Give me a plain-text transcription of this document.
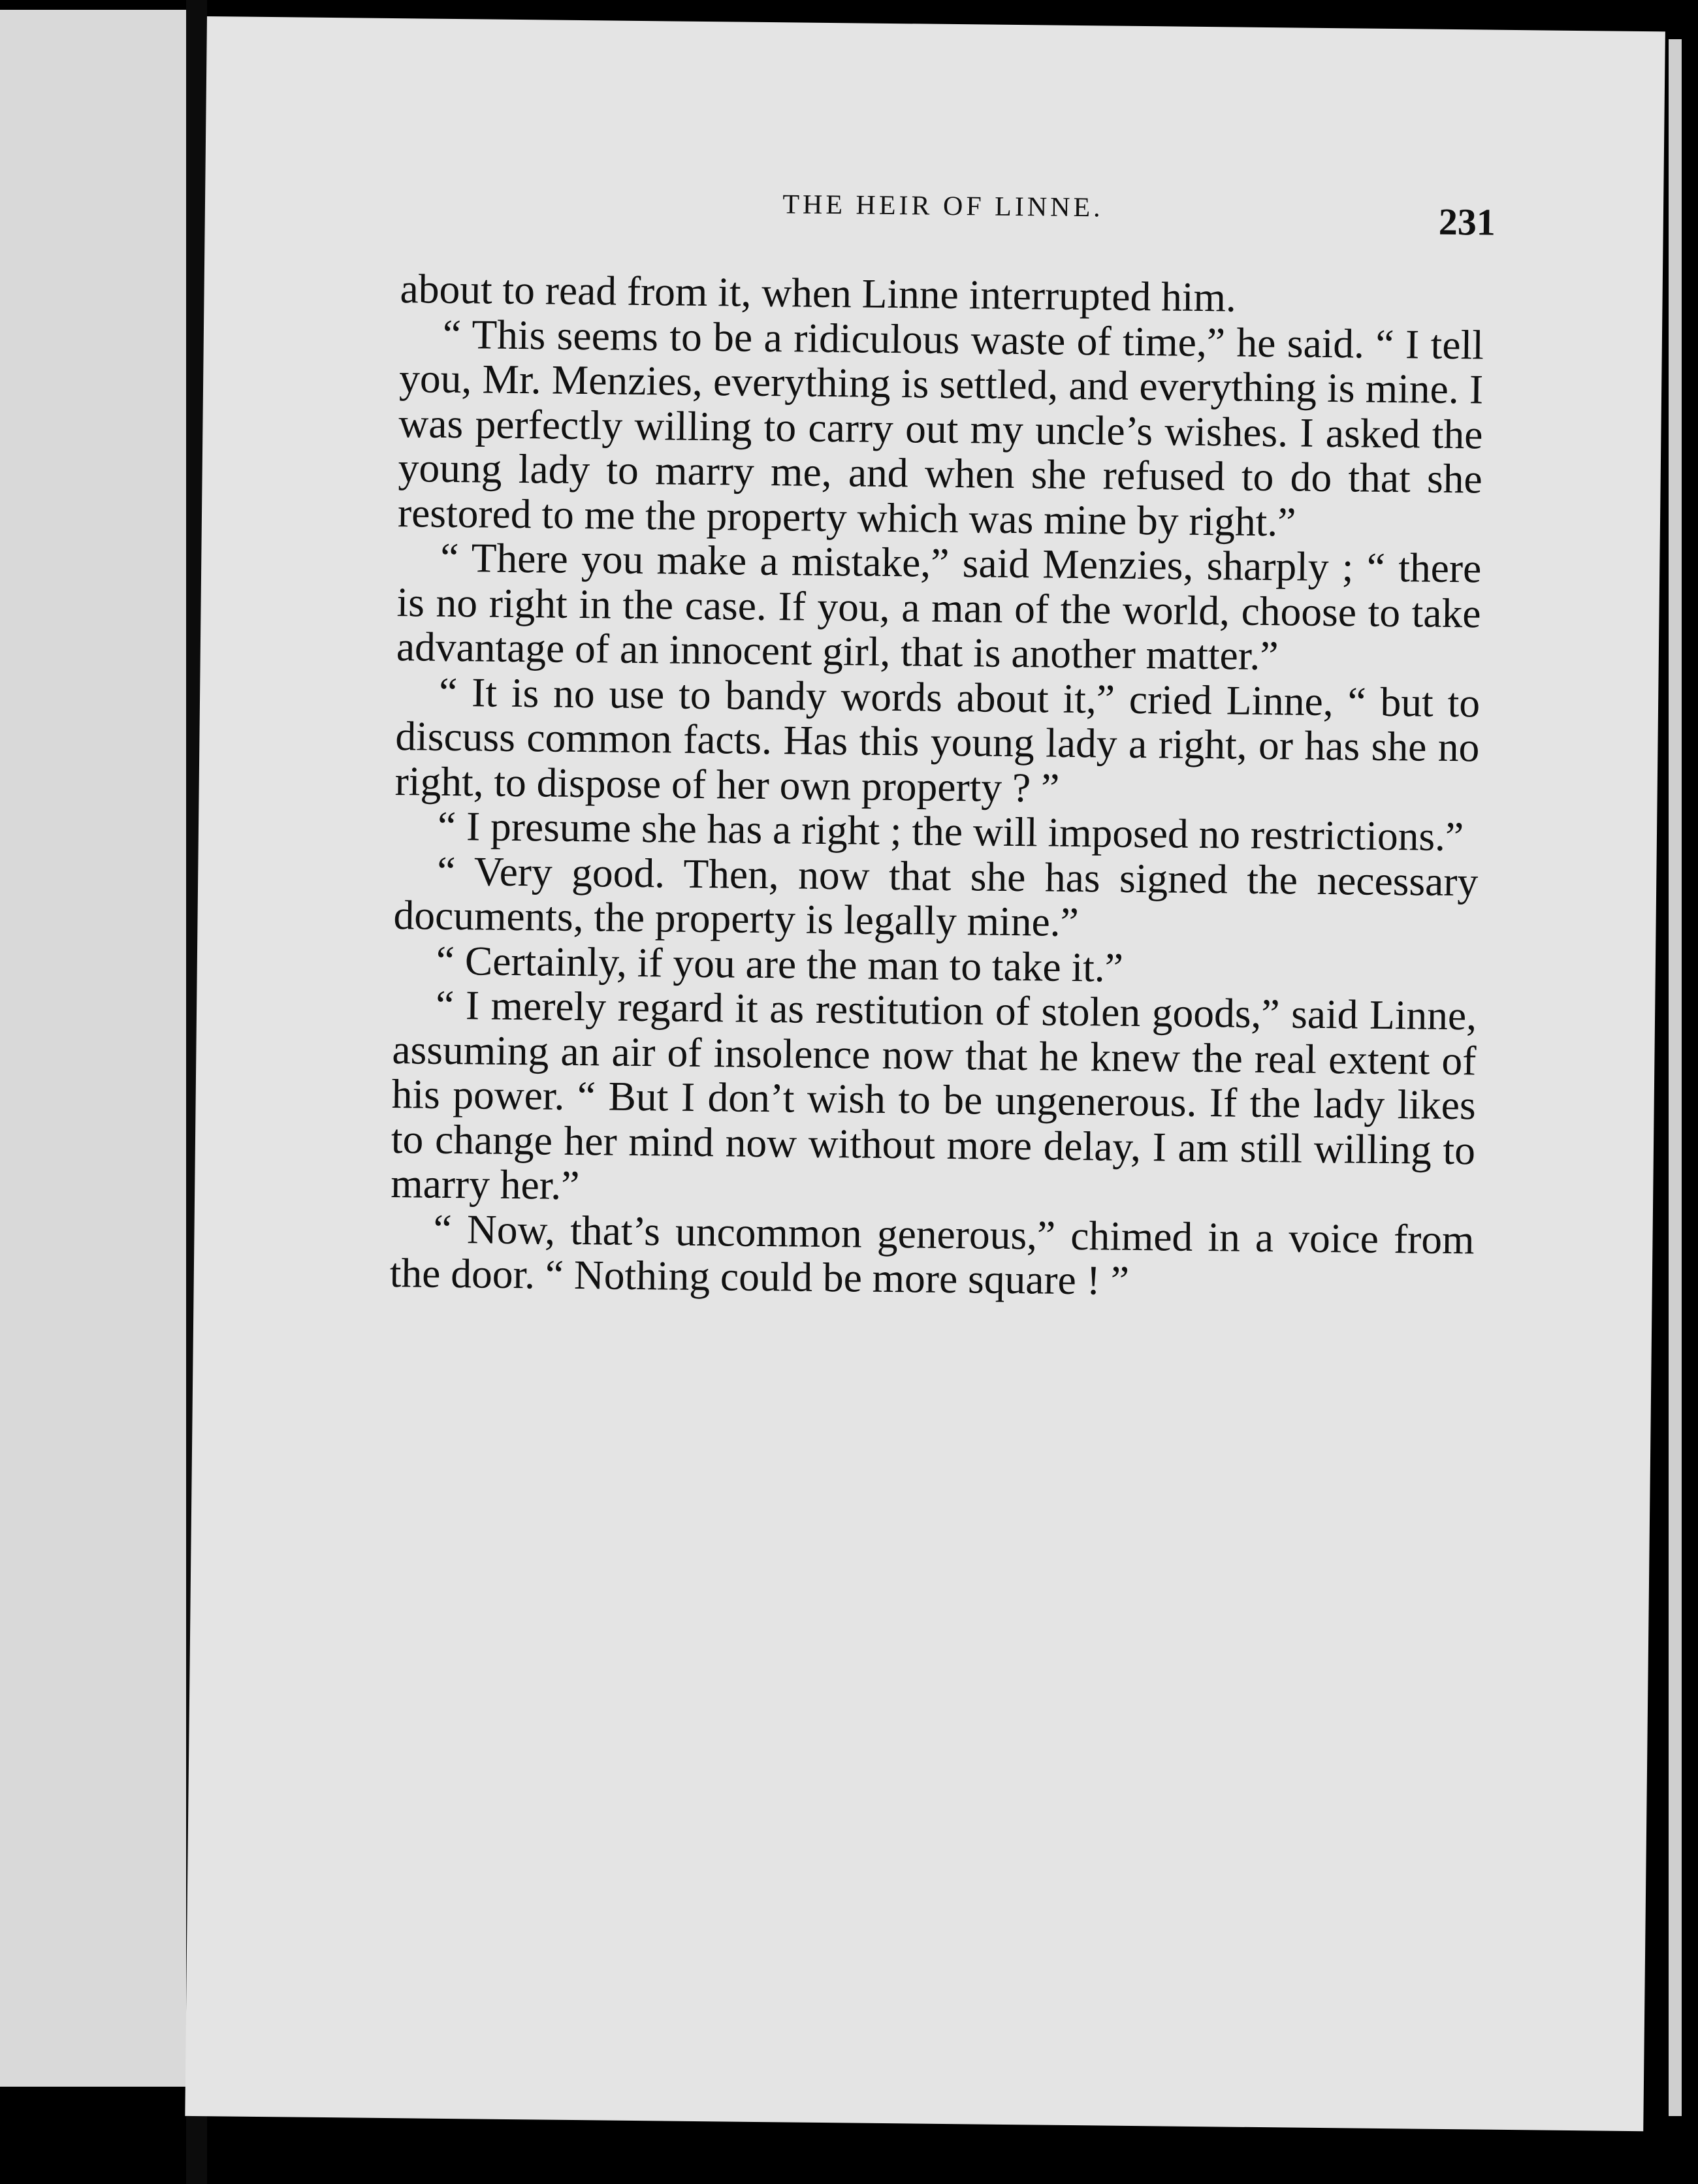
THE HEIR OF LINNE.	231

about to read from it, when Linne interrupted him.

“ This seems to be a ridiculous waste of time,” he said. “ I tell you, Mr. Menzies, everything is settled, and everything is mine. I was perfectly willing to carry out my uncle’s wishes. I asked the young lady to marry me, and when she refused to do that she restored to me the property which was mine by right.”

“ There you make a mistake,” said Menzies, sharply ; “ there is no right in the case. If you, a man of the world, choose to take advantage of an innocent girl, that is another matter.”

“ It is no use to bandy words about it,” cried Linne, “ but to discuss common facts. Has this young lady a right, or has she no right, to dispose of her own property ? ”

“ I presume she has a right ; the will imposed no restrictions.”

“ Very good. Then, now that she has signed the necessary documents, the property is legally mine.”

“ Certainly, if you are the man to take it.”

“ I merely regard it as restitution of stolen goods,” said Linne, assuming an air of insolence now that he knew the real extent of his power. “ But I don’t wish to be ungenerous. If the lady likes to change her mind now without more delay, I am still willing to marry her.”

“ Now, that’s uncommon generous,” chimed in a voice from the door. “ Nothing could be more square ! ”
